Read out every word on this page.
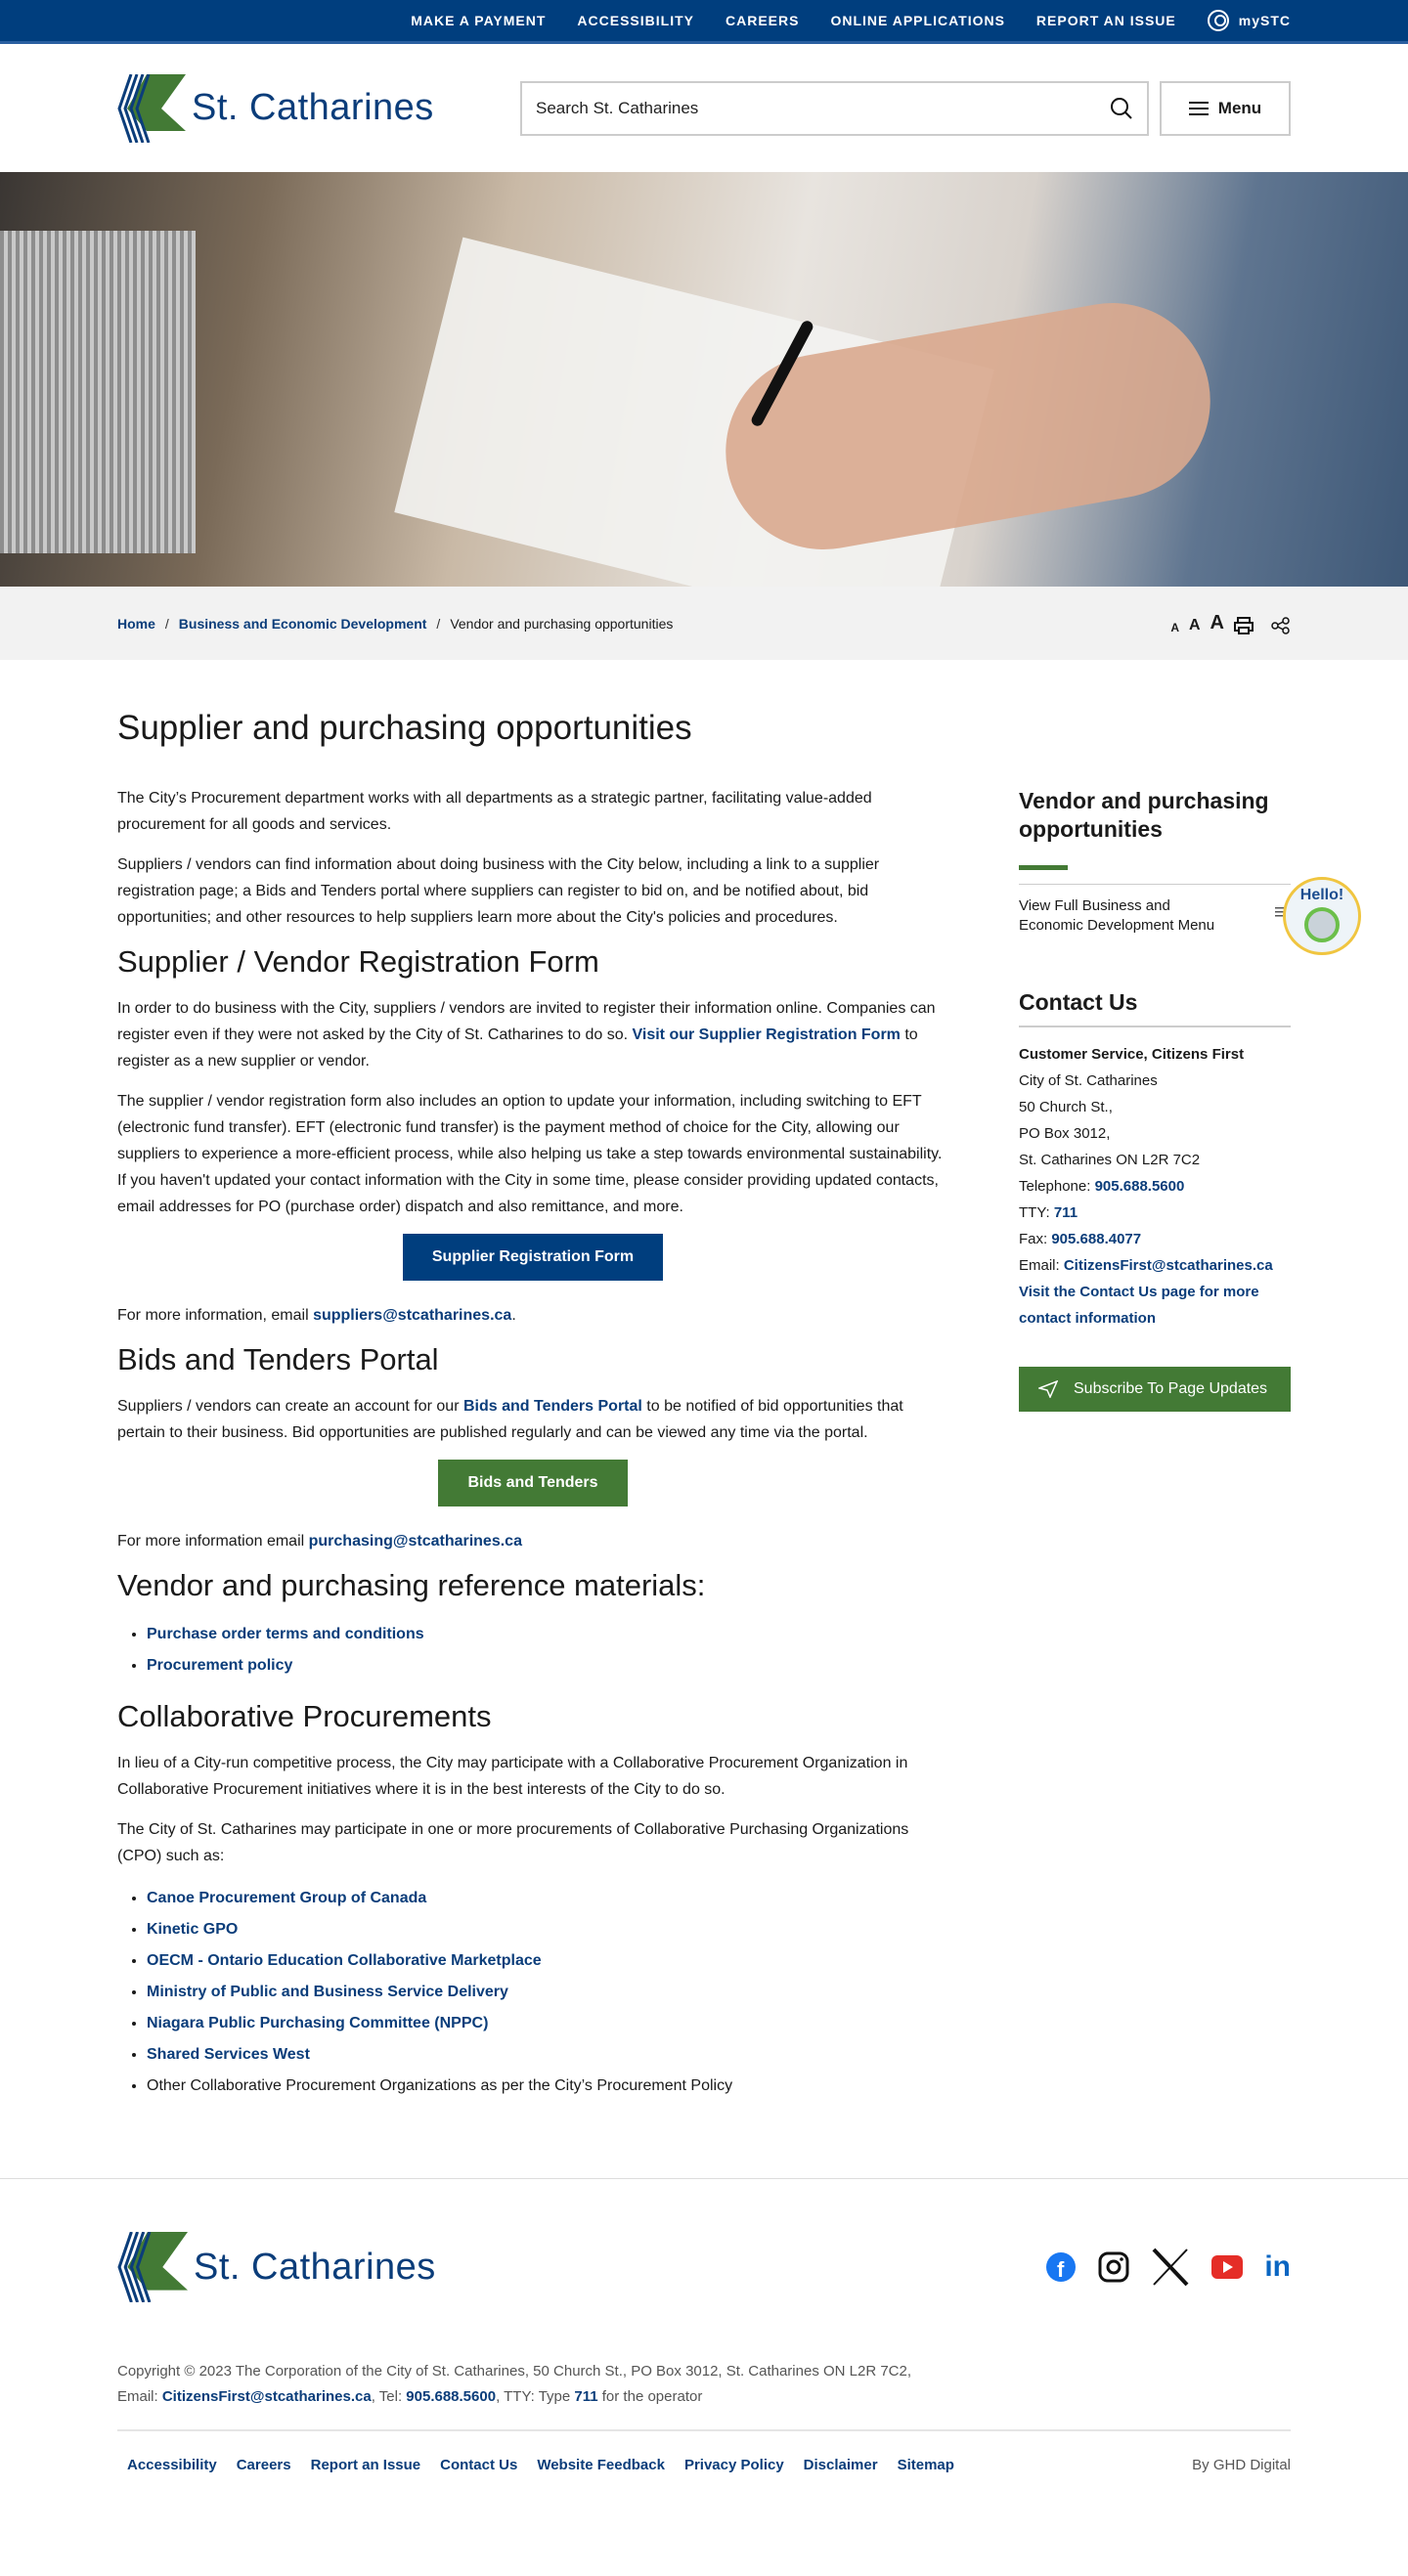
MAKE A PAYMENT ACCESSIBILITY CAREERS ONLINE APPLICATIONS REPORT AN ISSUE	mySTC
St. Catharines
Search St. Catharines	Menu
Home / Business and Economic Development / Vendor and purchasing opportunities	A A A
Supplier and purchasing opportunities

The City’s Procurement department works with all departments as a strategic partner, facilitating value-added procurement for all goods and services.

Suppliers / vendors can find information about doing business with the City below, including a link to a supplier registration page; a Bids and Tenders portal where suppliers can register to bid on, and be notified about, bid opportunities; and other resources to help suppliers learn more about the City's policies and procedures.

Supplier / Vendor Registration Form

In order to do business with the City, suppliers / vendors are invited to register their information online. Companies can register even if they were not asked by the City of St. Catharines to do so. Visit our Supplier Registration Form to register as a new supplier or vendor.

The supplier / vendor registration form also includes an option to update your information, including switching to EFT (electronic fund transfer). EFT (electronic fund transfer) is the payment method of choice for the City, allowing our suppliers to experience a more-efficient process, while also helping us take a step towards environmental sustainability. If you haven't updated your contact information with the City in some time, please consider providing updated contacts, email addresses for PO (purchase order) dispatch and also remittance, and more.

Supplier Registration Form

For more information, email suppliers@stcatharines.ca.

Bids and Tenders Portal

Suppliers / vendors can create an account for our Bids and Tenders Portal to be notified of bid opportunities that pertain to their business. Bid opportunities are published regularly and can be viewed any time via the portal.

Bids and Tenders

For more information email purchasing@stcatharines.ca

Vendor and purchasing reference materials:
• Purchase order terms and conditions
• Procurement policy
Collaborative Procurements

In lieu of a City-run competitive process, the City may participate with a Collaborative Procurement Organization in Collaborative Procurement initiatives where it is in the best interests of the City to do so.

The City of St. Catharines may participate in one or more procurements of Collaborative Purchasing Organizations (CPO) such as:

• Canoe Procurement Group of Canada
• Kinetic GPO
• OECM - Ontario Education Collaborative Marketplace
• Ministry of Public and Business Service Delivery
• Niagara Public Purchasing Committee (NPPC)
• Shared Services West
• Other Collaborative Procurement Organizations as per the City’s Procurement Policy
Vendor and purchasing opportunities
View Full Business and Economic Development Menu
Hello!
Contact Us
Customer Service, Citizens First
City of St. Catharines
50 Church St.,
PO Box 3012,
St. Catharines ON L2R 7C2
Telephone: 905.688.5600
TTY: 711
Fax: 905.688.4077
Email: CitizensFirst@stcatharines.ca
Visit the Contact Us page for more contact information
Subscribe To Page Updates
St. Catharines	f	in
Copyright © 2023 The Corporation of the City of St. Catharines, 50 Church St., PO Box 3012, St. Catharines ON L2R 7C2,
Email: CitizensFirst@stcatharines.ca, Tel: 905.688.5600, TTY: Type 711 for the operator
Accessibility Careers Report an Issue Contact Us Website Feedback Privacy Policy Disclaimer Sitemap	By GHD Digital
